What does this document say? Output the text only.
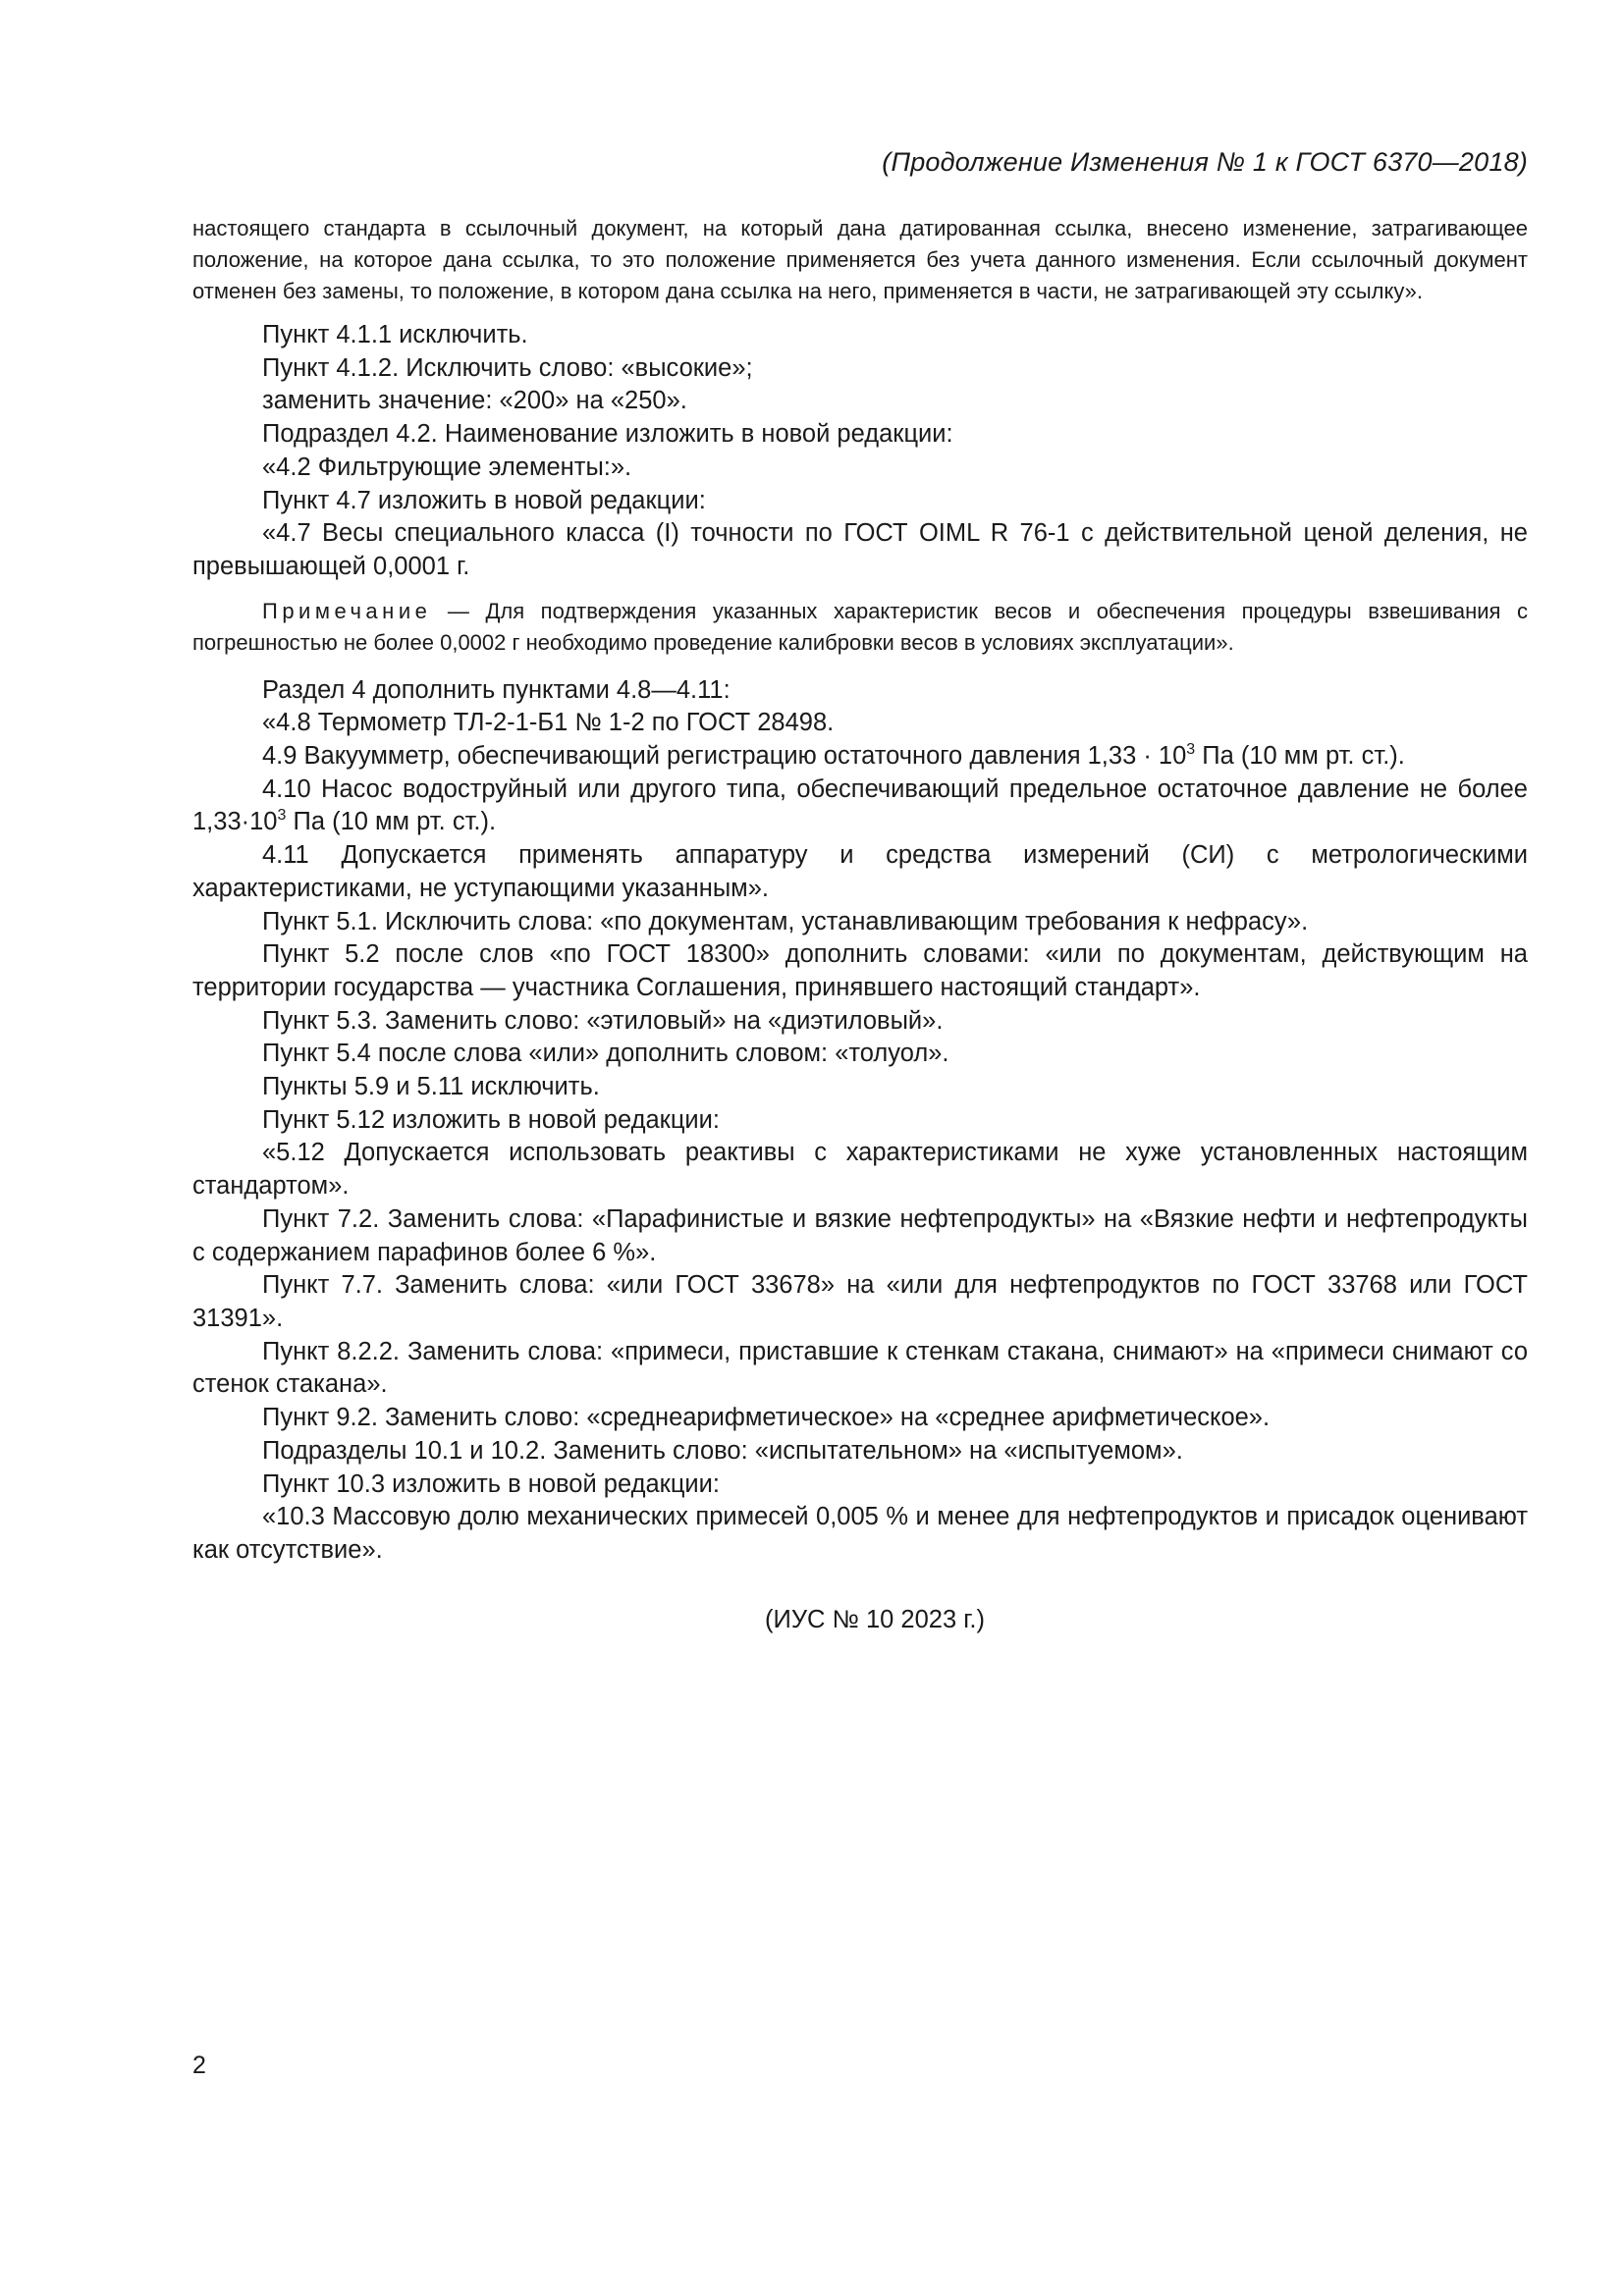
(Продолжение Изменения № 1 к ГОСТ 6370—2018)
настоящего стандарта в ссылочный документ, на который дана датированная ссылка, внесено изменение, затрагивающее положение, на которое дана ссылка, то это положение применяется без учета данного изменения. Если ссылочный документ отменен без замены, то положение, в котором дана ссылка на него, применяется в части, не затрагивающей эту ссылку».
Пункт 4.1.1 исключить.
Пункт 4.1.2. Исключить слово: «высокие»;
заменить значение: «200» на «250».
Подраздел 4.2. Наименование изложить в новой редакции:
«4.2 Фильтрующие элементы:».
Пункт 4.7 изложить в новой редакции:
«4.7 Весы специального класса (I) точности по ГОСТ OIML R 76-1 с действительной ценой деления, не превышающей 0,0001 г.
Примечание — Для подтверждения указанных характеристик весов и обеспечения процедуры взвешивания с погрешностью не более 0,0002 г необходимо проведение калибровки весов в условиях эксплуатации».
Раздел 4 дополнить пунктами 4.8—4.11:
«4.8 Термометр ТЛ-2-1-Б1 № 1-2 по ГОСТ 28498.
4.9 Вакуумметр, обеспечивающий регистрацию остаточного давления $1,33 \cdot 10^3$ Па (10 мм рт. ст.).
4.10 Насос водоструйный или другого типа, обеспечивающий предельное остаточное давление не более $1,33\cdot 10^3$ Па (10 мм рт. ст.).
4.11 Допускается применять аппаратуру и средства измерений (СИ) с метрологическими характеристиками, не уступающими указанным».
Пункт 5.1. Исключить слова: «по документам, устанавливающим требования к нефрасу».
Пункт 5.2 после слов «по ГОСТ 18300» дополнить словами: «или по документам, действующим на территории государства — участника Соглашения, принявшего настоящий стандарт».
Пункт 5.3. Заменить слово: «этиловый» на «диэтиловый».
Пункт 5.4 после слова «или» дополнить словом: «толуол».
Пункты 5.9 и 5.11 исключить.
Пункт 5.12 изложить в новой редакции:
«5.12 Допускается использовать реактивы с характеристиками не хуже установленных настоящим стандартом».
Пункт 7.2. Заменить слова: «Парафинистые и вязкие нефтепродукты» на «Вязкие нефти и нефтепродукты с содержанием парафинов более 6 %».
Пункт 7.7. Заменить слова: «или ГОСТ 33678» на «или для нефтепродуктов по ГОСТ 33768 или ГОСТ 31391».
Пункт 8.2.2. Заменить слова: «примеси, приставшие к стенкам стакана, снимают» на «примеси снимают со стенок стакана».
Пункт 9.2. Заменить слово: «среднеарифметическое» на «среднее арифметическое».
Подразделы 10.1 и 10.2. Заменить слово: «испытательном» на «испытуемом».
Пункт 10.3 изложить в новой редакции:
«10.3 Массовую долю механических примесей 0,005 % и менее для нефтепродуктов и присадок оценивают как отсутствие».
(ИУС № 10 2023 г.)
2
